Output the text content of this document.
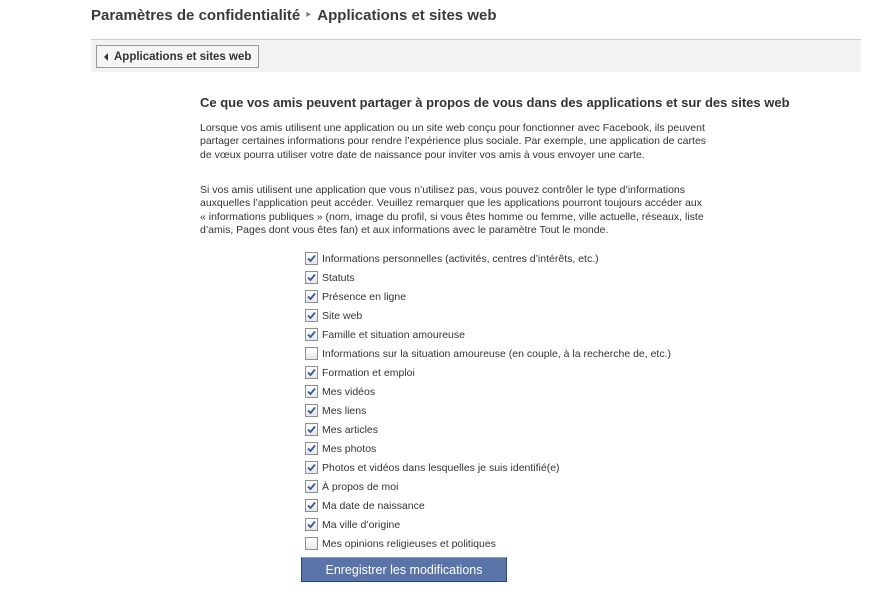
Paramètres de confidentialité ▸ Applications et sites web
Applications et sites web
Ce que vos amis peuvent partager à propos de vous dans des applications et sur des sites web

Lorsque vos amis utilisent une application ou un site web conçu pour fonctionner avec Facebook, ils peuvent partager certaines informations pour rendre l’expérience plus sociale. Par exemple, une application de cartes de vœux pourra utiliser votre date de naissance pour inviter vos amis à vous envoyer une carte.

Si vos amis utilisent une application que vous n’utilisez pas, vous pouvez contrôler le type d’informations auxquelles l’application peut accéder. Veuillez remarquer que les applications pourront toujours accéder aux « informations publiques » (nom, image du profil, si vous êtes homme ou femme, ville actuelle, réseaux, liste d’amis, Pages dont vous êtes fan) et aux informations avec le paramètre Tout le monde.

Informations personnelles (activités, centres d’intérêts, etc.)
Statuts
Présence en ligne
Site web
Famille et situation amoureuse
Informations sur la situation amoureuse (en couple, à la recherche de, etc.)
Formation et emploi
Mes vidéos
Mes liens
Mes articles
Mes photos
Photos et vidéos dans lesquelles je suis identifié(e)
À propos de moi
Ma date de naissance
Ma ville d’origine
Mes opinions religieuses et politiques
Enregistrer les modifications
